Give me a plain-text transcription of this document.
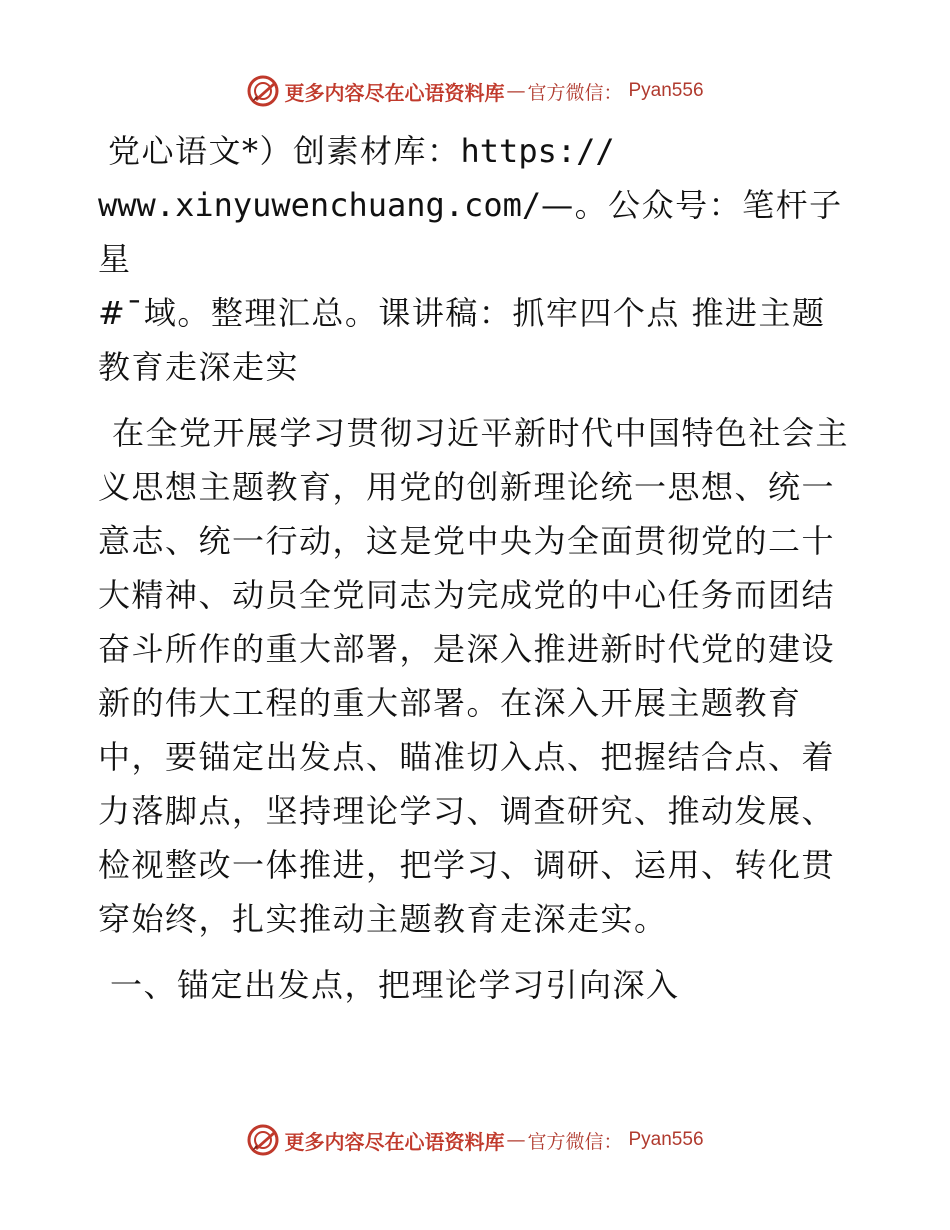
更多内容尽在心语资料库 — 官方微信： Pyan556
党心语文*）创素材库：https://
www.xinyuwenchuang.com/—。公众号：笔杆子星
#¯域。整理汇总。课讲稿：抓牢四个点 推进主题
教育走深走实

在全党开展学习贯彻习近平新时代中国特色社会主义思想主题教育，用党的创新理论统一思想、统一意志、统一行动，这是党中央为全面贯彻党的二十大精神、动员全党同志为完成党的中心任务而团结奋斗所作的重大部署，是深入推进新时代党的建设新的伟大工程的重大部署。在深入开展主题教育中，要锚定出发点、瞄准切入点、把握结合点、着力落脚点，坚持理论学习、调查研究、推动发展、检视整改一体推进，把学习、调研、运用、转化贯穿始终，扎实推动主题教育走深走实。

一、锚定出发点，把理论学习引向深入

更多内容尽在心语资料库 — 官方微信： Pyan556
